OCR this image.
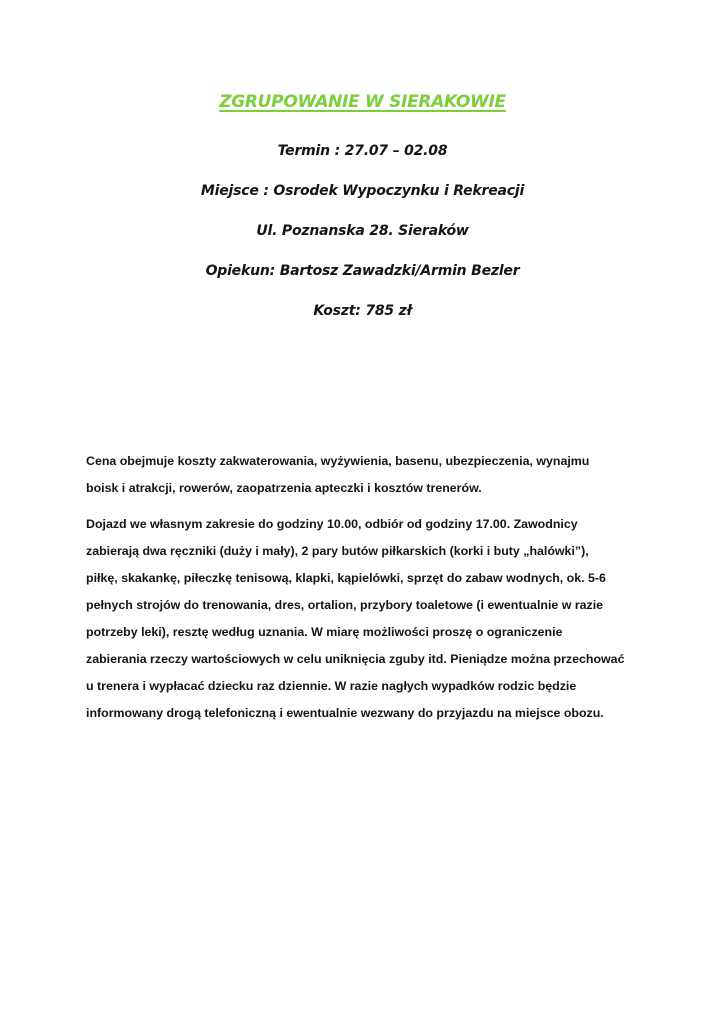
ZGRUPOWANIE W SIERAKOWIE
Termin : 27.07 – 02.08
Miejsce : Osrodek Wypoczynku i Rekreacji
Ul. Poznanska 28. Sieraków
Opiekun: Bartosz Zawadzki/Armin Bezler
Koszt: 785 zł
Cena obejmuje koszty zakwaterowania, wyżywienia, basenu, ubezpieczenia, wynajmu
boisk i atrakcji, rowerów, zaopatrzenia apteczki i kosztów trenerów.
Dojazd we własnym zakresie do godziny 10.00, odbiór od godziny 17.00. Zawodnicy
zabierają dwa ręczniki (duży i mały), 2 pary butów piłkarskich (korki i buty „halówki”),
piłkę, skakankę, piłeczkę tenisową, klapki, kąpielówki, sprzęt do zabaw wodnych, ok. 5-6
pełnych strojów do trenowania, dres, ortalion, przybory toaletowe (i ewentualnie w razie
potrzeby leki), resztę według uznania. W miarę możliwości proszę o ograniczenie
zabierania rzeczy wartościowych w celu uniknięcia zguby itd. Pieniądze można przechować
u trenera i wypłacać dziecku raz dziennie. W razie nagłych wypadków rodzic będzie
informowany drogą telefoniczną i ewentualnie wezwany do przyjazdu na miejsce obozu.
